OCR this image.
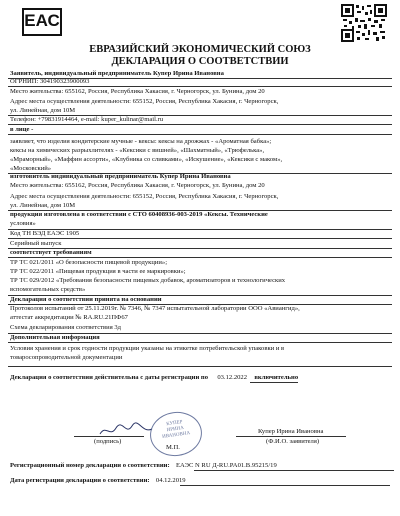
ЕАС
ЕВРАЗИЙСКИЙ ЭКОНОМИЧЕСКИЙ СОЮЗ
ДЕКЛАРАЦИЯ О СООТВЕТСТВИИ
Заявитель, индивидуальный предприниматель Купер Ирина Ивановна
ОГРНИП: 304190323900093
Место жительства: 655162, Россия, Республика Хакасия, г. Черногорск, ул. Бунина, дом 20
Адрес места осуществления деятельности: 655152, Россия, Республика Хакасия, г. Черногорск,
ул. Линейная, дом 10М
Телефон: +79831914464, e-mail: kuper_kulinar@mail.ru
в лице -
заявляет, что изделия кондитерские мучные - кексы: кексы на дрожжах - «Ароматная бабка»;
кексы на химических разрыхлителях - «Кексики с вишней», «Шахматный», «Трюфелька»,
«Мраморный», «Маффин ассорти», «Клубника со сливками», «Искушение», «Кексики с маком»,
«Московский»
изготовитель индивидуальный предприниматель Купер Ирина Ивановна
Место жительства: 655162, Россия, Республика Хакасия, г. Черногорск, ул. Бунина, дом 20
Адрес места осуществления деятельности: 655152, Россия, Республика Хакасия, г. Черногорск,
ул. Линейная, дом 10М
продукция изготовлена в соответствии с СТО 60408936-003-2019 «Кексы. Технические
условия»
Код ТН ВЭД ЕАЭС 1905
Серийный выпуск
соответствует требованиям
ТР ТС 021/2011 «О безопасности пищевой продукции»;
ТР ТС 022/2011 «Пищевая продукция в части ее маркировки»;
ТР ТС 029/2012 «Требования безопасности пищевых добавок, ароматизаторов и технологических
вспомогательных средств»
Декларация о соответствии принята на основании
Протоколов испытаний от 25.11.2019г. № 7346, № 7347 испытательной лаборатории ООО «Авиангид»,
аттестат аккредитации № RA.RU.21ПФ67
Схема декларирования соответствия 3д
Дополнительная информация
Условия хранения и срок годности продукции указаны на этикетке потребительской упаковки и в
товаросопроводительной документации
Декларация о соответствии действительна с даты регистрации по 03.12.2022 включительно
(подпись)
КУПЕР
ИРИНА
ИВАНОВНА
М.П.
Купер Ирина Ивановна
(Ф.И.О. заявителя)
Регистрационный номер декларации о соответствии: ЕАЭС N RU Д-RU.PA01.B.95215/19
Дата регистрации декларации о соответствии: 04.12.2019
